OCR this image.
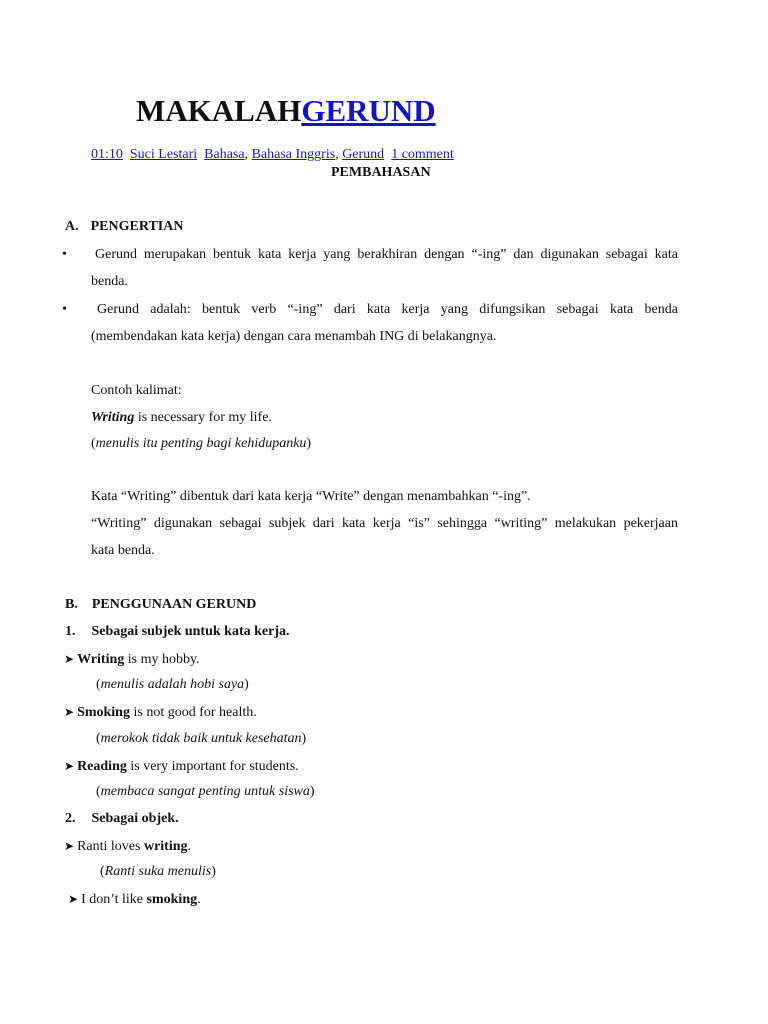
MAKALAHGERUND
01:10 Suci Lestari Bahasa, Bahasa Inggris, Gerund 1 comment
PEMBAHASAN
A. PENGERTIAN
• Gerund merupakan bentuk kata kerja yang berakhiran dengan “-ing” dan digunakan sebagai kata
benda.
• Gerund adalah: bentuk verb “-ing” dari kata kerja yang difungsikan sebagai kata benda
(membendakan kata kerja) dengan cara menambah ING di belakangnya.
Contoh kalimat:
Writing is necessary for my life.
(menulis itu penting bagi kehidupanku)
Kata “Writing” dibentuk dari kata kerja “Write” dengan menambahkan “-ing”.
“Writing” digunakan sebagai subjek dari kata kerja “is” sehingga “writing” melakukan pekerjaan
kata benda.
B. PENGGUNAAN GERUND
1. Sebagai subjek untuk kata kerja.
➤ Writing is my hobby.
(menulis adalah hobi saya)
➤ Smoking is not good for health.
(merokok tidak baik untuk kesehatan)
➤ Reading is very important for students.
(membaca sangat penting untuk siswa)
2. Sebagai objek.
➤ Ranti loves writing.
(Ranti suka menulis)
➤ I don’t like smoking.
